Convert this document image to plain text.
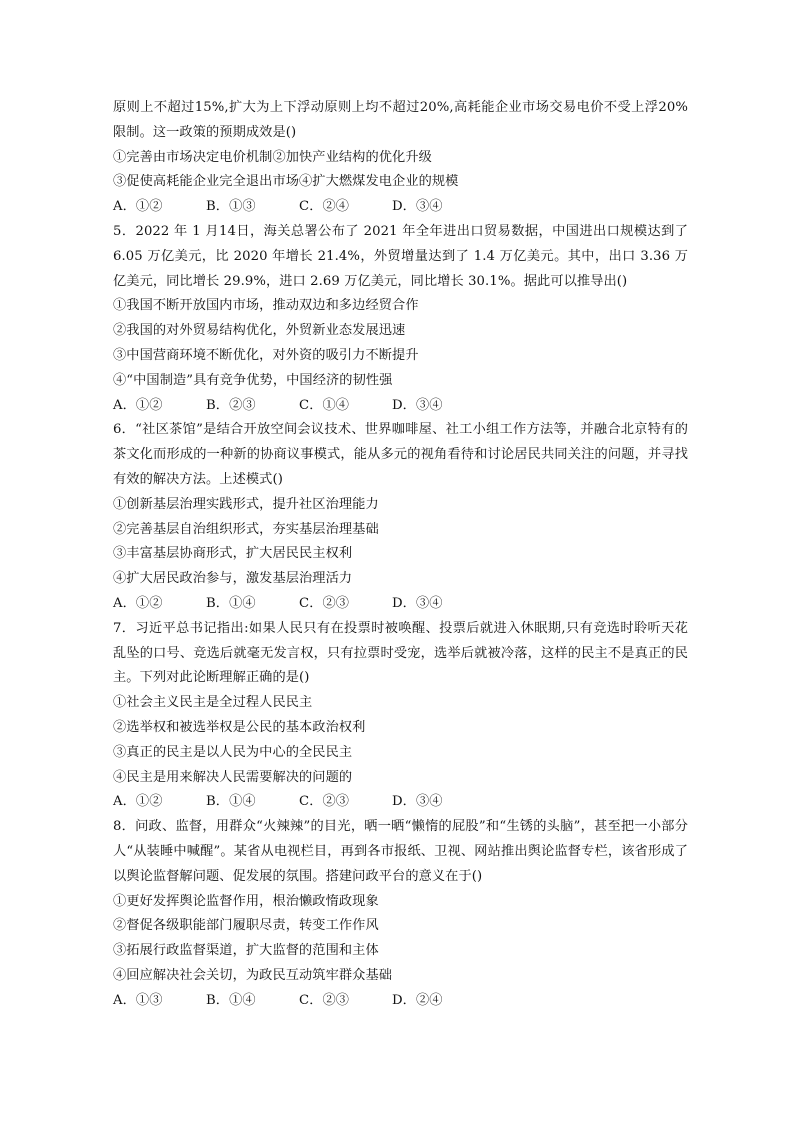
原则上不超过15%,扩大为上下浮动原则上均不超过20%,高耗能企业市场交易电价不受上浮20%限制。这一政策的预期成效是()

①完善由市场决定电价机制②加快产业结构的优化升级

③促使高耗能企业完全退出市场④扩大燃煤发电企业的规模

A．①②	B．①③	C．②④	D．③④

5．2022 年 1 月14日，海关总署公布了 2021 年全年进出口贸易数据，中国进出口规模达到了 6.05 万亿美元，比 2020 年增长 21.4%，外贸增量达到了 1.4 万亿美元。其中，出口 3.36 万亿美元，同比增长 29.9%，进口 2.69 万亿美元，同比增长 30.1%。据此可以推导出()

①我国不断开放国内市场，推动双边和多边经贸合作

②我国的对外贸易结构优化，外贸新业态发展迅速

③中国营商环境不断优化，对外资的吸引力不断提升

④“中国制造”具有竞争优势，中国经济的韧性强

A．①②	B．②③	C．①④	D．③④

6．“社区茶馆”是结合开放空间会议技术、世界咖啡屋、社工小组工作方法等，并融合北京特有的茶文化而形成的一种新的协商议事模式，能从多元的视角看待和讨论居民共同关注的问题，并寻找有效的解决方法。上述模式()

①创新基层治理实践形式，提升社区治理能力

②完善基层自治组织形式，夯实基层治理基础

③丰富基层协商形式，扩大居民民主权利

④扩大居民政治参与，激发基层治理活力

A．①②	B．①④	C．②③	D．③④

7．习近平总书记指出:如果人民只有在投票时被唤醒、投票后就进入休眠期,只有竞选时聆听天花乱坠的口号、竞选后就毫无发言权，只有拉票时受宠，选举后就被冷落，这样的民主不是真正的民主。下列对此论断理解正确的是()

①社会主义民主是全过程人民民主

②选举权和被选举权是公民的基本政治权利

③真正的民主是以人民为中心的全民民主

④民主是用来解决人民需要解决的问题的

A．①②	B．①④	C．②③	D．③④

8．问政、监督，用群众“火辣辣”的目光，晒一晒“懒惰的屁股”和“生锈的头脑”，甚至把一小部分人“从装睡中喊醒”。某省从电视栏目，再到各市报纸、卫视、网站推出舆论监督专栏，该省形成了以舆论监督解问题、促发展的氛围。搭建问政平台的意义在于()

①更好发挥舆论监督作用，根治懒政惰政现象

②督促各级职能部门履职尽责，转变工作作风

③拓展行政监督渠道，扩大监督的范围和主体

④回应解决社会关切，为政民互动筑牢群众基础

A．①③	B．①④	C．②③	D．②④
